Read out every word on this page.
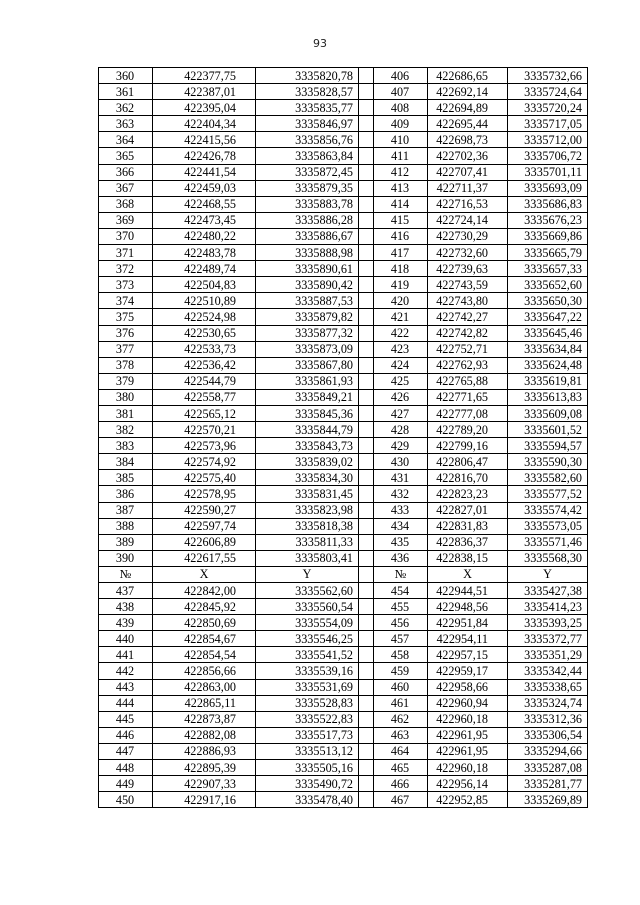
93
360	422377,75	3335820,78		406	422686,65	3335732,66
361	422387,01	3335828,57		407	422692,14	3335724,64
362	422395,04	3335835,77		408	422694,89	3335720,24
363	422404,34	3335846,97		409	422695,44	3335717,05
364	422415,56	3335856,76		410	422698,73	3335712,00
365	422426,78	3335863,84		411	422702,36	3335706,72
366	422441,54	3335872,45		412	422707,41	3335701,11
367	422459,03	3335879,35		413	422711,37	3335693,09
368	422468,55	3335883,78		414	422716,53	3335686,83
369	422473,45	3335886,28		415	422724,14	3335676,23
370	422480,22	3335886,67		416	422730,29	3335669,86
371	422483,78	3335888,98		417	422732,60	3335665,79
372	422489,74	3335890,61		418	422739,63	3335657,33
373	422504,83	3335890,42		419	422743,59	3335652,60
374	422510,89	3335887,53		420	422743,80	3335650,30
375	422524,98	3335879,82		421	422742,27	3335647,22
376	422530,65	3335877,32		422	422742,82	3335645,46
377	422533,73	3335873,09		423	422752,71	3335634,84
378	422536,42	3335867,80		424	422762,93	3335624,48
379	422544,79	3335861,93		425	422765,88	3335619,81
380	422558,77	3335849,21		426	422771,65	3335613,83
381	422565,12	3335845,36		427	422777,08	3335609,08
382	422570,21	3335844,79		428	422789,20	3335601,52
383	422573,96	3335843,73		429	422799,16	3335594,57
384	422574,92	3335839,02		430	422806,47	3335590,30
385	422575,40	3335834,30		431	422816,70	3335582,60
386	422578,95	3335831,45		432	422823,23	3335577,52
387	422590,27	3335823,98		433	422827,01	3335574,42
388	422597,74	3335818,38		434	422831,83	3335573,05
389	422606,89	3335811,33		435	422836,37	3335571,46
390	422617,55	3335803,41		436	422838,15	3335568,30
№	X	Y		№	X	Y
437	422842,00	3335562,60		454	422944,51	3335427,38
438	422845,92	3335560,54		455	422948,56	3335414,23
439	422850,69	3335554,09		456	422951,84	3335393,25
440	422854,67	3335546,25		457	422954,11	3335372,77
441	422854,54	3335541,52		458	422957,15	3335351,29
442	422856,66	3335539,16		459	422959,17	3335342,44
443	422863,00	3335531,69		460	422958,66	3335338,65
444	422865,11	3335528,83		461	422960,94	3335324,74
445	422873,87	3335522,83		462	422960,18	3335312,36
446	422882,08	3335517,73		463	422961,95	3335306,54
447	422886,93	3335513,12		464	422961,95	3335294,66
448	422895,39	3335505,16		465	422960,18	3335287,08
449	422907,33	3335490,72		466	422956,14	3335281,77
450	422917,16	3335478,40		467	422952,85	3335269,89
